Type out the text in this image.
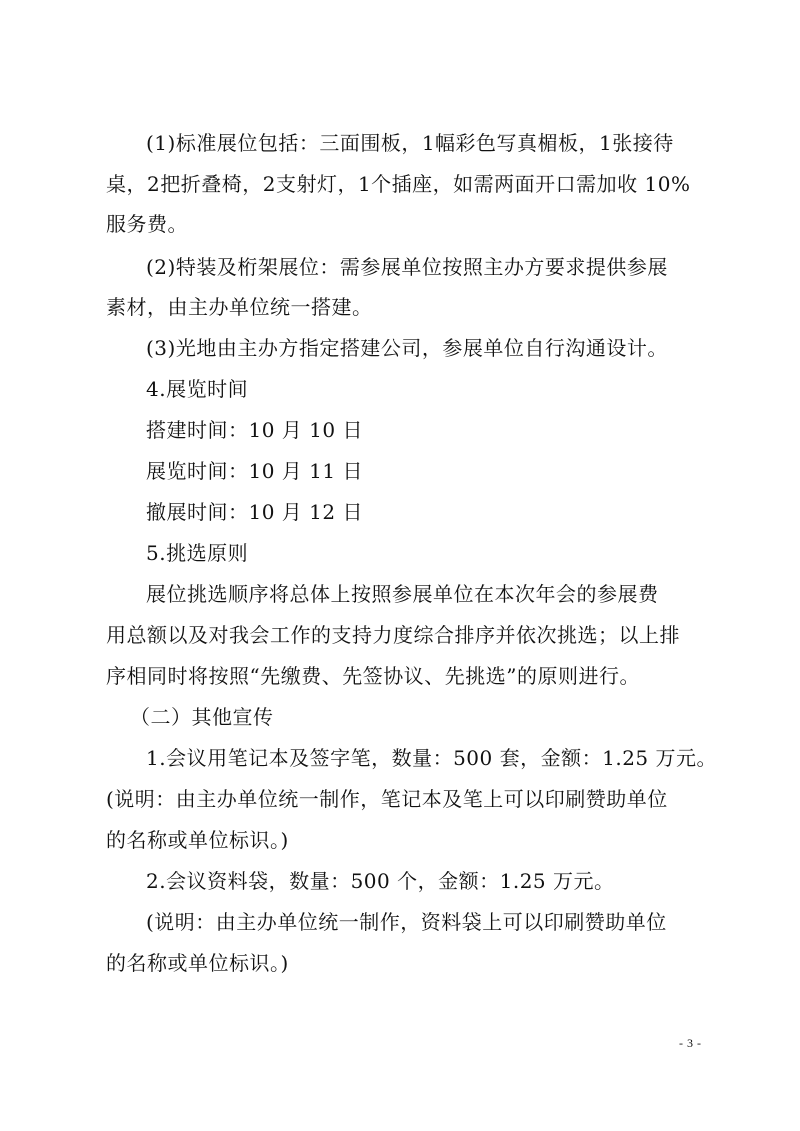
(1)标准展位包括：三面围板，1幅彩色写真楣板，1张接待
桌，2把折叠椅，2支射灯，1个插座，如需两面开口需加收 10%
服务费。
(2)特装及桁架展位：需参展单位按照主办方要求提供参展
素材，由主办单位统一搭建。
(3)光地由主办方指定搭建公司，参展单位自行沟通设计。
4.展览时间
搭建时间：10 月 10 日
展览时间：10 月 11 日
撤展时间：10 月 12 日
5.挑选原则
展位挑选顺序将总体上按照参展单位在本次年会的参展费
用总额以及对我会工作的支持力度综合排序并依次挑选；以上排
序相同时将按照“先缴费、先签协议、先挑选”的原则进行。
（二）其他宣传
1.会议用笔记本及签字笔，数量：500 套，金额：1.25 万元。
(说明：由主办单位统一制作，笔记本及笔上可以印刷赞助单位
的名称或单位标识。)
2.会议资料袋，数量：500 个，金额：1.25 万元。
(说明：由主办单位统一制作，资料袋上可以印刷赞助单位
的名称或单位标识。)
- 3 -
